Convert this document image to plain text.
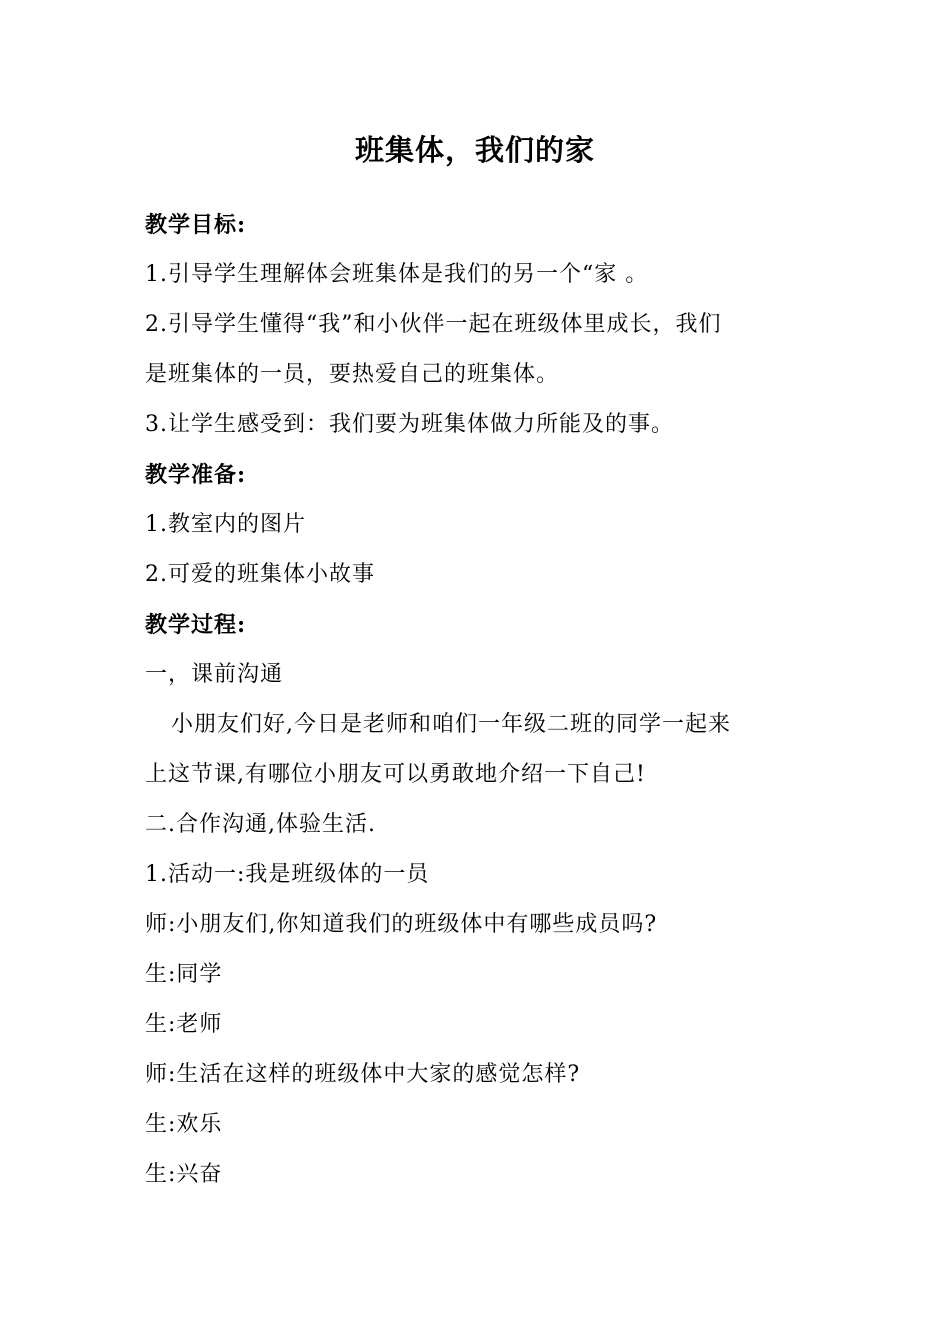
班集体，我们的家
教学目标:
1.引导学生理解体会班集体是我们的另一个“家 。
2.引导学生懂得“我”和小伙伴一起在班级体里成长，我们
是班集体的一员，要热爱自己的班集体。
3.让学生感受到：我们要为班集体做力所能及的事。
教学准备:
1.教室内的图片
2.可爱的班集体小故事
教学过程:
一，课前沟通
小朋友们好,今日是老师和咱们一年级二班的同学一起来
上这节课,有哪位小朋友可以勇敢地介绍一下自己!
二.合作沟通,体验生活.
1.活动一:我是班级体的一员
师:小朋友们,你知道我们的班级体中有哪些成员吗?
生:同学
生:老师
师:生活在这样的班级体中大家的感觉怎样?
生:欢乐
生:兴奋
